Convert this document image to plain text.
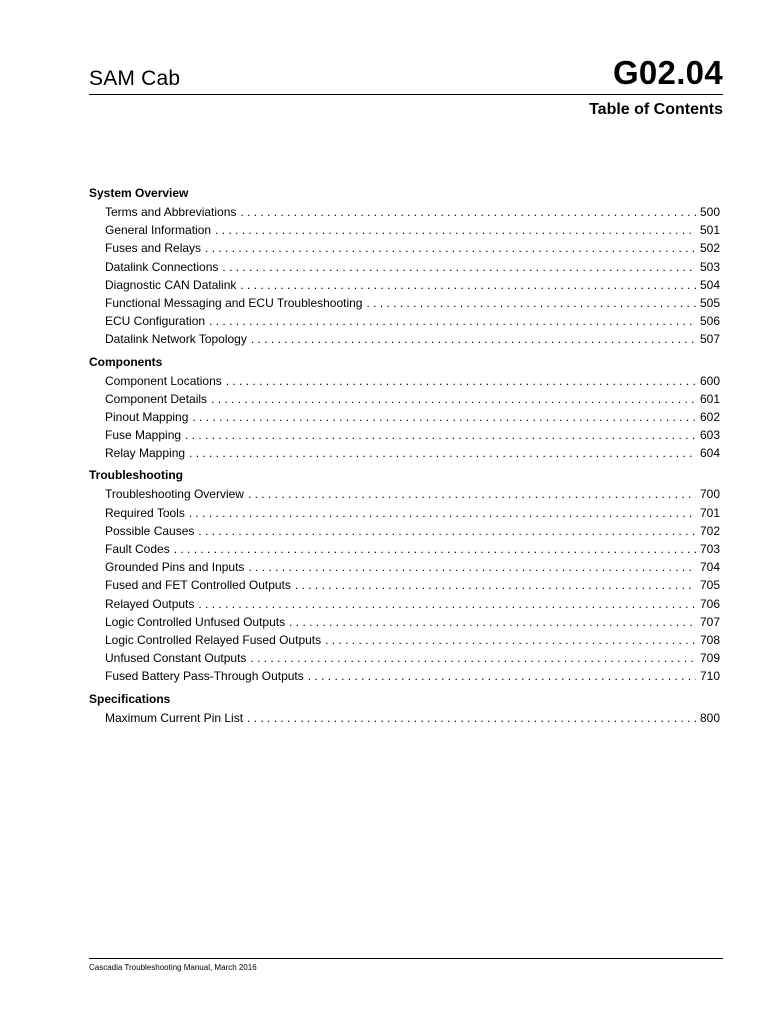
SAM Cab	G02.04
Table of Contents
System Overview
Terms and Abbreviations . . .	500
General Information . . .	501
Fuses and Relays . . .	502
Datalink Connections . . .	503
Diagnostic CAN Datalink . . .	504
Functional Messaging and ECU Troubleshooting . . .	505
ECU Configuration . . .	506
Datalink Network Topology . . .	507
Components
Component Locations . . .	600
Component Details . . .	601
Pinout Mapping . . .	602
Fuse Mapping . . .	603
Relay Mapping . . .	604
Troubleshooting
Troubleshooting Overview . . .	700
Required Tools . . .	701
Possible Causes . . .	702
Fault Codes . . .	703
Grounded Pins and Inputs . . .	704
Fused and FET Controlled Outputs . . .	705
Relayed Outputs . . .	706
Logic Controlled Unfused Outputs . . .	707
Logic Controlled Relayed Fused Outputs . . .	708
Unfused Constant Outputs . . .	709
Fused Battery Pass-Through Outputs . . .	710
Specifications
Maximum Current Pin List . . .	800
Cascadia Troubleshooting Manual, March 2016
